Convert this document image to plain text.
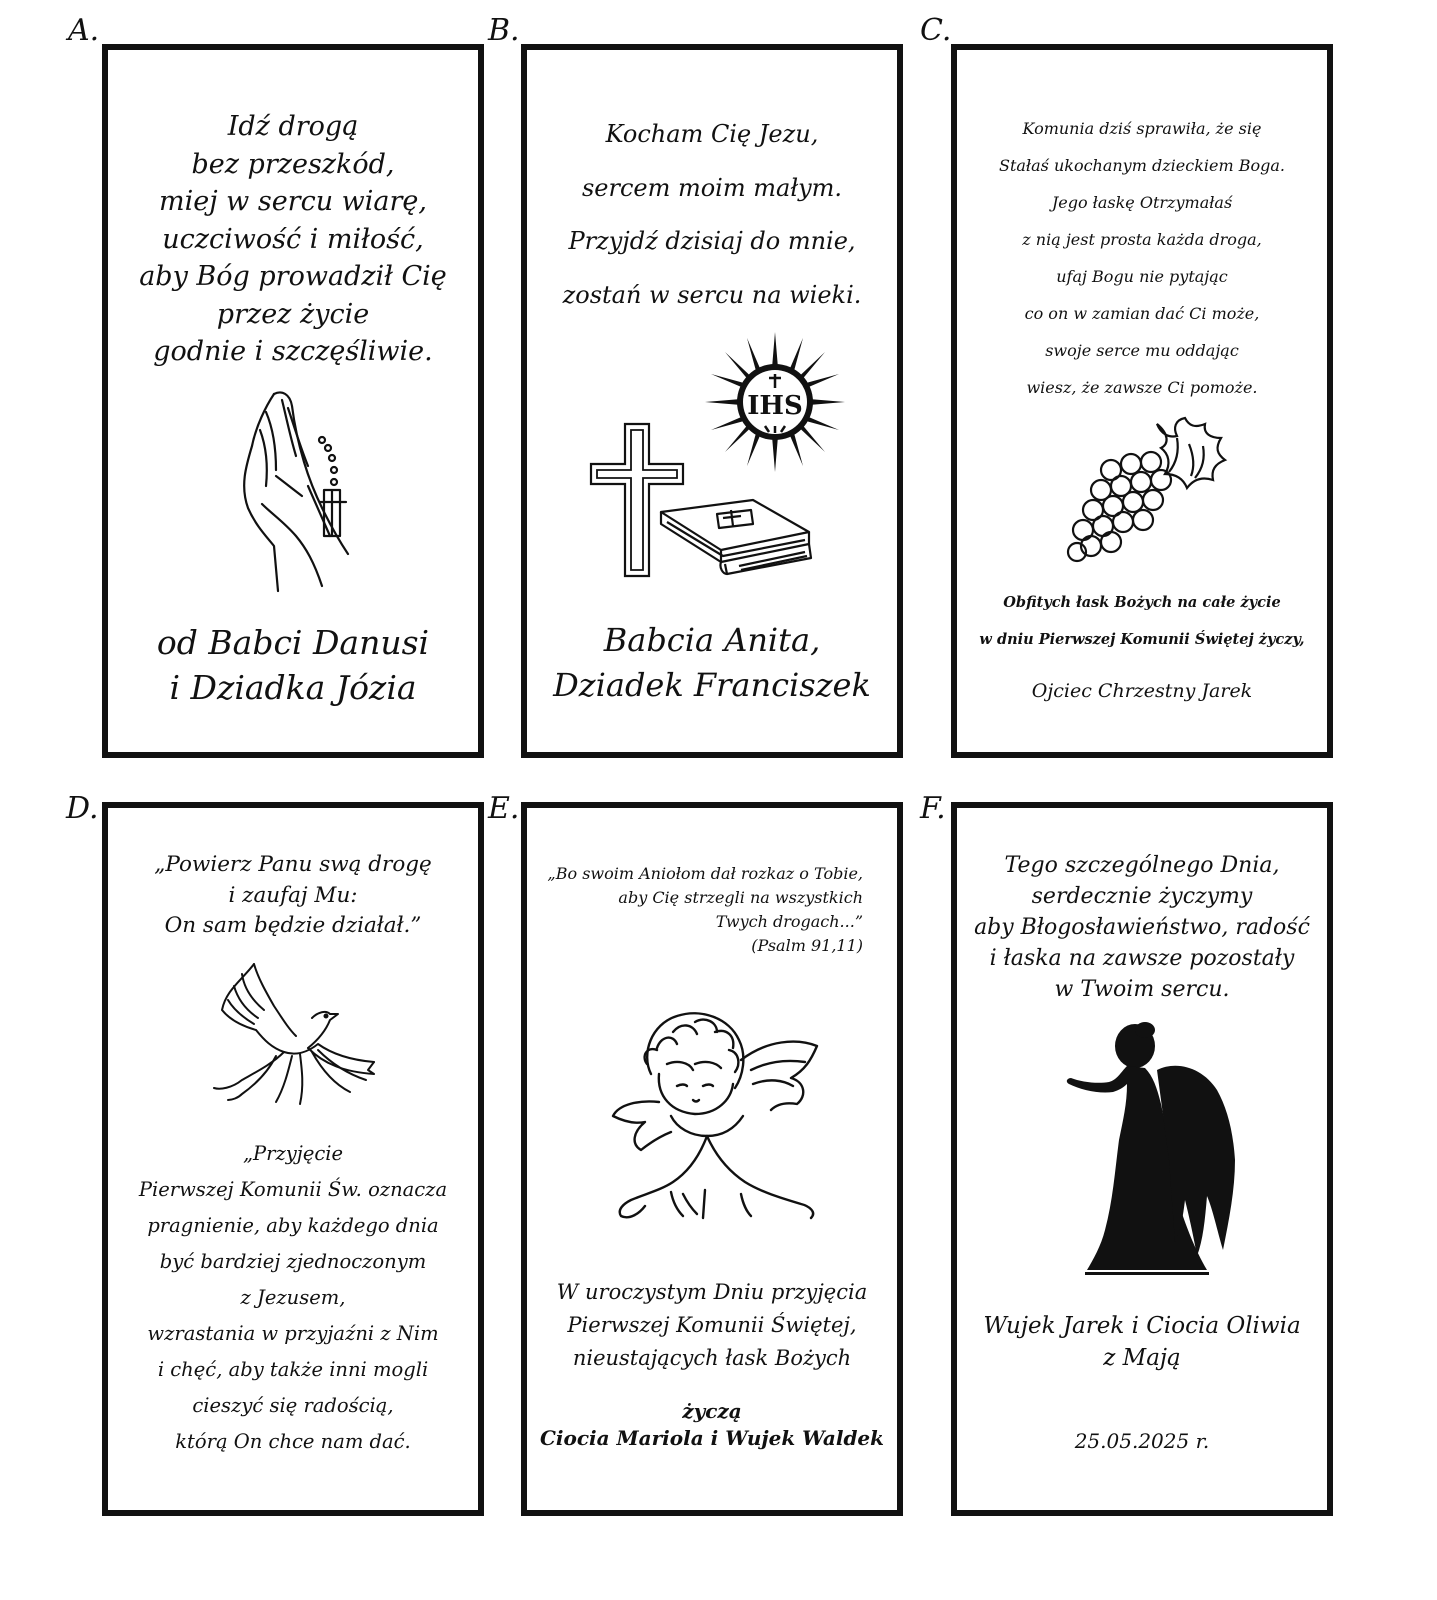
A.	B.	C.
D.	E.	F.
Idź drogą
bez przeszkód,
miej w sercu wiarę,
uczciwość i miłość,
aby Bóg prowadził Cię
przez życie
godnie i szczęśliwie.
od Babci Danusi
i Dziadka Józia
Kocham Cię Jezu,
sercem moim małym.
Przyjdź dzisiaj do mnie,
zostań w sercu na wieki.
IHS
Babcia Anita,
Dziadek Franciszek
Komunia dziś sprawiła, że się
Stałaś ukochanym dzieckiem Boga.
Jego łaskę Otrzymałaś
z nią jest prosta każda droga,
ufaj Bogu nie pytając
co on w zamian dać Ci może,
swoje serce mu oddając
wiesz, że zawsze Ci pomoże.
Obfitych łask Bożych na całe życie
w dniu Pierwszej Komunii Świętej życzy,
Ojciec Chrzestny Jarek
„Powierz Panu swą drogę
i zaufaj Mu:
On sam będzie działał.”
„Przyjęcie
Pierwszej Komunii Św. oznacza
pragnienie, aby każdego dnia
być bardziej zjednoczonym
z Jezusem,
wzrastania w przyjaźni z Nim
i chęć, aby także inni mogli
cieszyć się radością,
którą On chce nam dać.
„Bo swoim Aniołom dał rozkaz o Tobie,
aby Cię strzegli na wszystkich
Twych drogach...”
(Psalm 91,11)
W uroczystym Dniu przyjęcia
Pierwszej Komunii Świętej,
nieustających łask Bożych
życzą
Ciocia Mariola i Wujek Waldek
Tego szczególnego Dnia,
serdecznie życzymy
aby Błogosławieństwo, radość
i łaska na zawsze pozostały
w Twoim sercu.
Wujek Jarek i Ciocia Oliwia
z Mają
25.05.2025 r.
